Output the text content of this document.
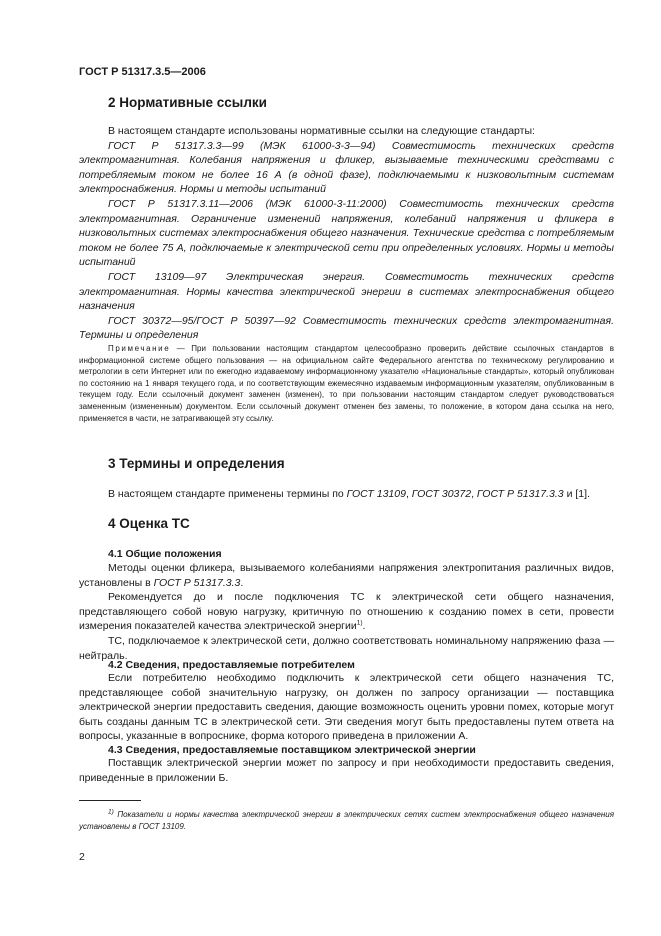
ГОСТ Р 51317.3.5—2006
2 Нормативные ссылки

В настоящем стандарте использованы нормативные ссылки на следующие стандарты:

ГОСТ Р 51317.3.3—99 (МЭК 61000-3-3—94) Совместимость технических средств электромагнитная. Колебания напряжения и фликер, вызываемые техническими средствами с потребляемым током не более 16 А (в одной фазе), подключаемыми к низковольтным системам электроснабжения. Нормы и методы испытаний

ГОСТ Р 51317.3.11—2006 (МЭК 61000-3-11:2000) Совместимость технических средств электромагнитная. Ограничение изменений напряжения, колебаний напряжения и фликера в низковольтных системах электроснабжения общего назначения. Технические средства с потребляемым током не более 75 А, подключаемые к электрической сети при определенных условиях. Нормы и методы испытаний

ГОСТ 13109—97 Электрическая энергия. Совместимость технических средств электромагнитная. Нормы качества электрической энергии в системах электроснабжения общего назначения

ГОСТ 30372—95/ГОСТ Р 50397—92 Совместимость технических средств электромагнитная. Термины и определения

Примечание — При пользовании настоящим стандартом целесообразно проверить действие ссылочных стандартов в информационной системе общего пользования — на официальном сайте Федерального агентства по техническому регулированию и метрологии в сети Интернет или по ежегодно издаваемому информационному указателю «Национальные стандарты», который опубликован по состоянию на 1 января текущего года, и по соответствующим ежемесячно издаваемым информационным указателям, опубликованным в текущем году. Если ссылочный документ заменен (изменен), то при пользовании настоящим стандартом следует руководствоваться замененным (измененным) документом. Если ссылочный документ отменен без замены, то положение, в котором дана ссылка на него, применяется в части, не затрагивающей эту ссылку.

3 Термины и определения

В настоящем стандарте применены термины по ГОСТ 13109, ГОСТ 30372, ГОСТ Р 51317.3.3 и [1].

4 Оценка ТС
4.1 Общие положения

Методы оценки фликера, вызываемого колебаниями напряжения электропитания различных видов, установлены в ГОСТ Р 51317.3.3.

Рекомендуется до и после подключения ТС к электрической сети общего назначения, представляющего собой новую нагрузку, критичную по отношению к созданию помех в сети, провести измерения показателей качества электрической энергии$^{1)}$.

ТС, подключаемое к электрической сети, должно соответствовать номинальному напряжению фаза — нейтраль.

4.2 Сведения, предоставляемые потребителем

Если потребителю необходимо подключить к электрической сети общего назначения ТС, представляющее собой значительную нагрузку, он должен по запросу организации — поставщика электрической энергии предоставить сведения, дающие возможность оценить уровни помех, которые могут быть созданы данным ТС в электрической сети. Эти сведения могут быть предоставлены путем ответа на вопросы, указанные в вопроснике, форма которого приведена в приложении А.

4.3 Сведения, предоставляемые поставщиком электрической энергии

Поставщик электрической энергии может по запросу и при необходимости предоставить сведения, приведенные в приложении Б.

$^{1)}$ Показатели и нормы качества электрической энергии в электрических сетях систем электроснабжения общего назначения установлены в ГОСТ 13109.

2
